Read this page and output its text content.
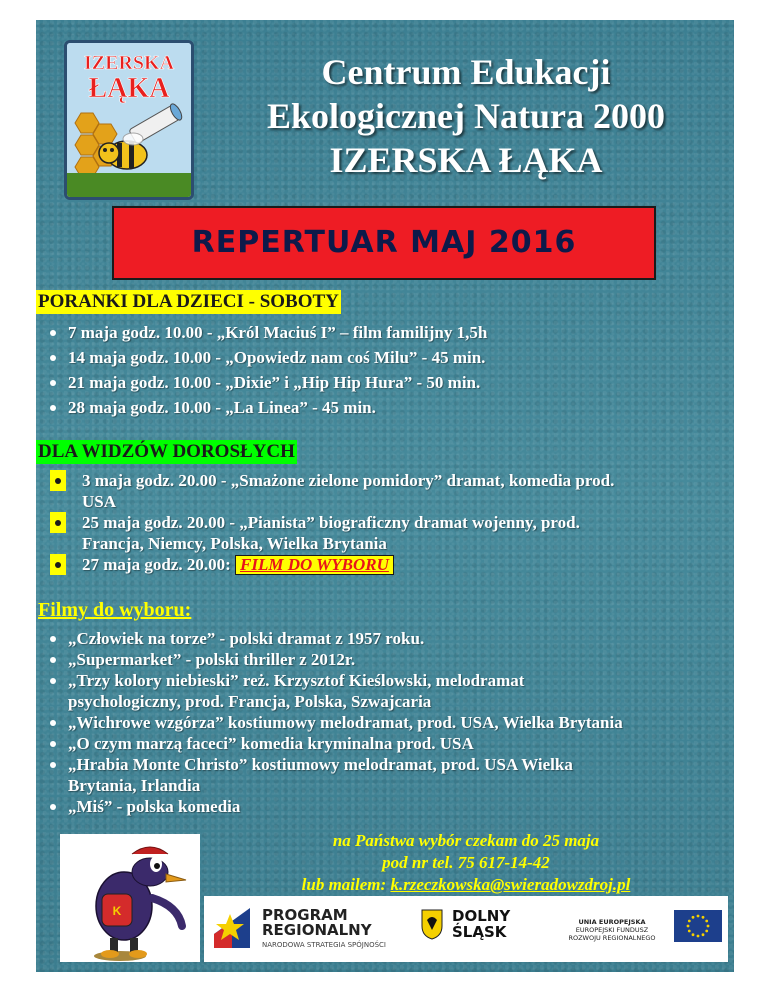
IZERSKA
ŁĄKA	Centrum Edukacji
Ekologicznej Natura 2000
IZERSKA ŁĄKA
REPERTUAR MAJ 2016
PORANKI DLA DZIECI - SOBOTY
7 maja godz. 10.00 - „Król Maciuś I” – film familijny 1,5h
14 maja godz. 10.00 - „Opowiedz nam coś Milu” - 45 min.
21 maja godz. 10.00 - „Dixie” i „Hip Hip Hura” - 50 min.
28 maja godz. 10.00 - „La Linea” - 45 min.
DLA WIDZÓW DOROSŁYCH
3 maja godz. 20.00 - „Smażone zielone pomidory” dramat, komedia prod.
USA
25 maja godz. 20.00 - „Pianista” biograficzny dramat wojenny, prod.
Francja, Niemcy, Polska, Wielka Brytania
27 maja godz. 20.00: FILM DO WYBORU
Filmy do wyboru:
„Człowiek na torze” - polski dramat z 1957 roku.
„Supermarket” - polski thriller z 2012r.
„Trzy kolory niebieski” reż. Krzysztof Kieślowski, melodramat
psychologiczny, prod. Francja, Polska, Szwajcaria
„Wichrowe wzgórza” kostiumowy melodramat, prod. USA, Wielka Brytania
„O czym marzą faceci” komedia kryminalna prod. USA
„Hrabia Monte Christo” kostiumowy melodramat, prod. USA Wielka
Brytania, Irlandia
„Miś” - polska komedia
K
na Państwa wybór czekam do 25 maja
pod nr tel. 75 617-14-42
lub mailem: k.rzeczkowska@swieradowzdroj.pl
PROGRAM
REGIONALNY
NARODOWA STRATEGIA SPÓJNOŚCI
DOLNY
ŚLĄSK
UNIA EUROPEJSKA
EUROPEJSKI FUNDUSZ
ROZWOJU REGIONALNEGO
